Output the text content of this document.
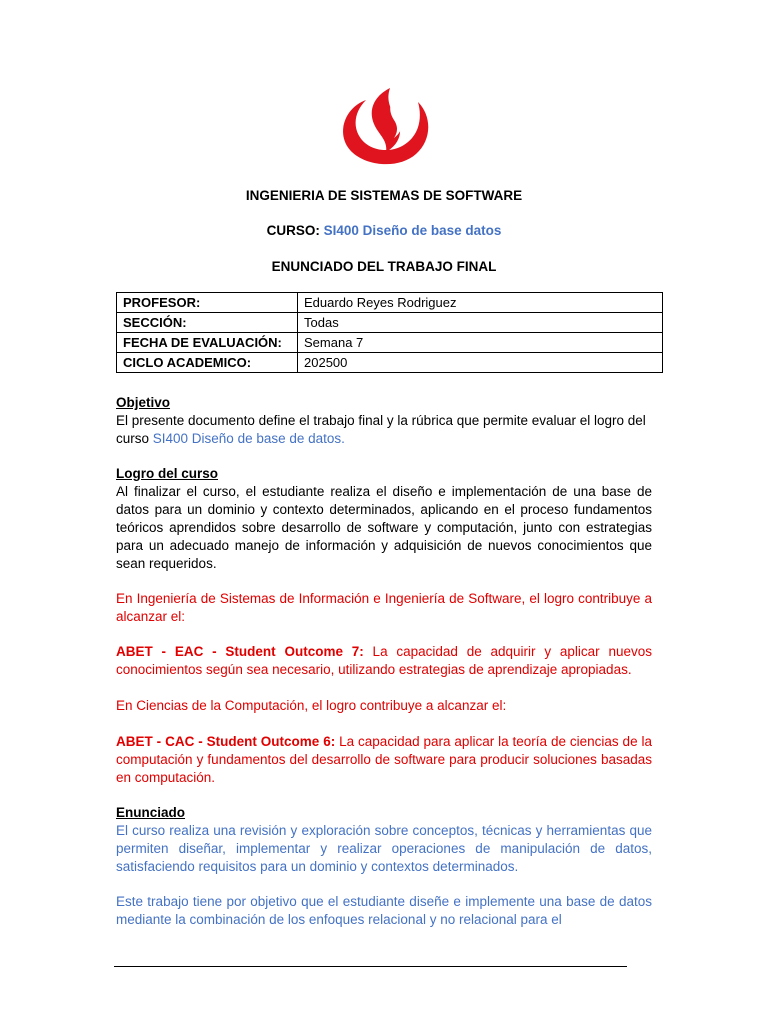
INGENIERIA DE SISTEMAS DE SOFTWARE
CURSO: SI400 Diseño de base datos
ENUNCIADO DEL TRABAJO FINAL
PROFESOR:	Eduardo Reyes Rodriguez
SECCIÓN:	Todas
FECHA DE EVALUACIÓN:	Semana 7
CICLO ACADEMICO:	202500
Objetivo

El presente documento define el trabajo final y la rúbrica que permite evaluar el logro del curso SI400 Diseño de base de datos.

Logro del curso

Al finalizar el curso, el estudiante realiza el diseño e implementación de una base de datos para un dominio y contexto determinados, aplicando en el proceso fundamentos teóricos aprendidos sobre desarrollo de software y computación, junto con estrategias para un adecuado manejo de información y adquisición de nuevos conocimientos que sean requeridos.

En Ingeniería de Sistemas de Información e Ingeniería de Software, el logro contribuye a alcanzar el:
ABET - EAC - Student Outcome 7: La capacidad de adquirir y aplicar nuevos conocimientos según sea necesario, utilizando estrategias de aprendizaje apropiadas.
En Ciencias de la Computación, el logro contribuye a alcanzar el:
ABET - CAC - Student Outcome 6: La capacidad para aplicar la teoría de ciencias de la computación y fundamentos del desarrollo de software para producir soluciones basadas en computación.
Enunciado

El curso realiza una revisión y exploración sobre conceptos, técnicas y herramientas que permiten diseñar, implementar y realizar operaciones de manipulación de datos, satisfaciendo requisitos para un dominio y contextos determinados.

Este trabajo tiene por objetivo que el estudiante diseñe e implemente una base de datos mediante la combinación de los enfoques relacional y no relacional para el
